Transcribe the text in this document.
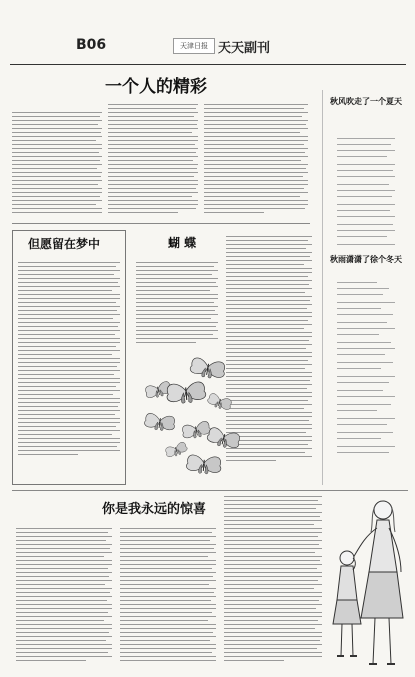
B06	天津日报 天天副刊
一个人的精彩
秋风吹走了一个夏天
秋雨潇潇了徐个冬天
但愿留在梦中	蝴 蝶
你是我永远的惊喜
